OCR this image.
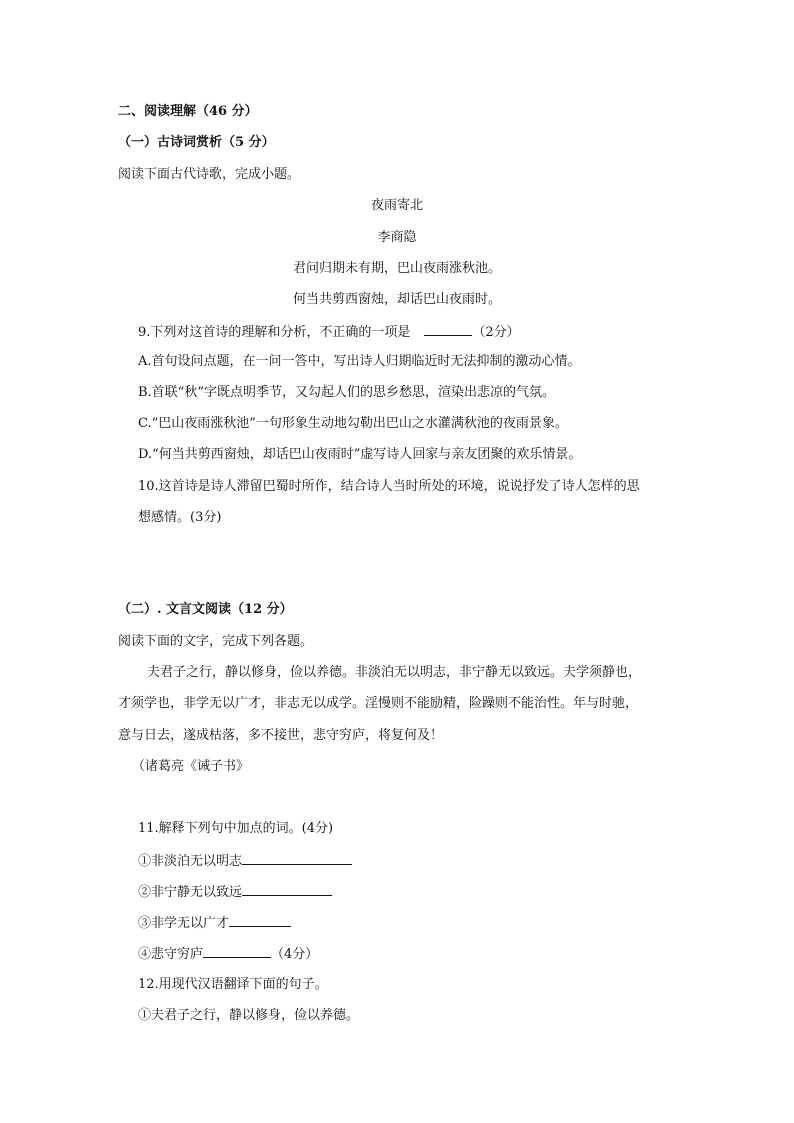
二、阅读理解（46 分）

（一）古诗词赏析（5 分）

阅读下面古代诗歌，完成小题。

夜雨寄北

李商隐

君问归期未有期，巴山夜雨涨秋池。

何当共剪西窗烛，却话巴山夜雨时。

9.下列对这首诗的理解和分析，不正确的一项是	（2分）

A.首句设问点题，在一问一答中，写出诗人归期临近时无法抑制的激动心情。

B.首联“秋”字既点明季节，又勾起人们的思乡愁思，渲染出悲凉的气氛。

C.“巴山夜雨涨秋池”一句形象生动地勾勒出巴山之水灌满秋池的夜雨景象。

D.“何当共剪西窗烛，却话巴山夜雨时”虚写诗人回家与亲友团聚的欢乐情景。

10.这首诗是诗人滞留巴蜀时所作，结合诗人当时所处的环境，说说抒发了诗人怎样的思

想感情。(3分)

（二）. 文言文阅读（12 分）

阅读下面的文字，完成下列各题。

夫君子之行，静以修身，俭以养德。非淡泊无以明志，非宁静无以致远。夫学须静也，

才须学也，非学无以广才，非志无以成学。淫慢则不能励精，险躁则不能治性。年与时驰，

意与日去，遂成枯落，多不接世，悲守穷庐，将复何及！

（诸葛亮《诫子书》

11.解释下列句中加点的词。(4分)

①非淡泊无以明志

②非宁静无以致远

③非学无以广才

④悲守穷庐	（4分）

12.用现代汉语翻译下面的句子。

①夫君子之行，静以修身，俭以养德。
